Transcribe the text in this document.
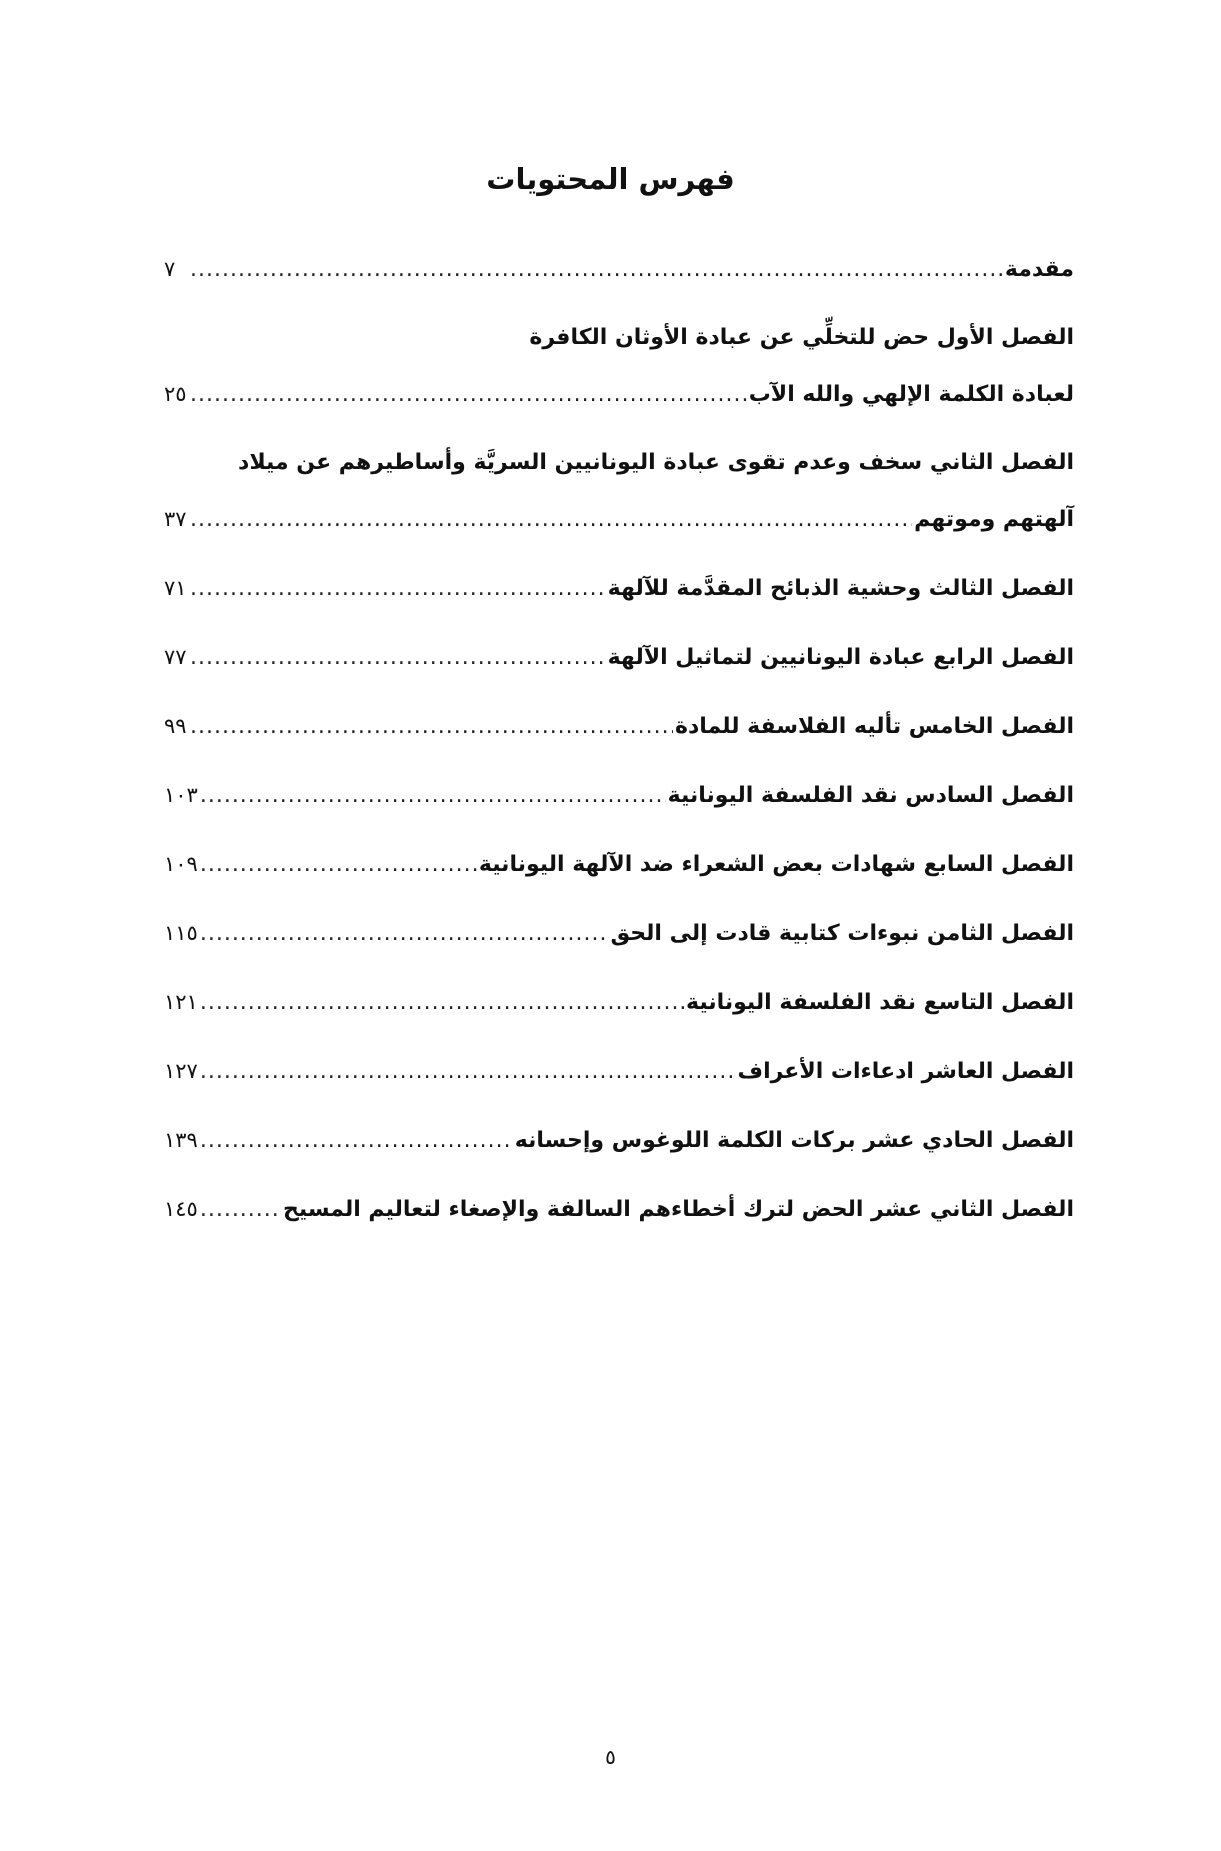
فهرس المحتويات
مقدمة
.....
٧
الفصل الأول حض للتخلِّي عن عبادة الأوثان الكافرة
لعبادة الكلمة الإلهي والله الآب
.....
٢٥
الفصل الثاني سخف وعدم تقوى عبادة اليونانيين السريَّة وأساطيرهم عن ميلاد
آلهتهم وموتهم
.....
٣٧
الفصل الثالث وحشية الذبائح المقدَّمة للآلهة
.....
٧١
الفصل الرابع عبادة اليونانيين لتماثيل الآلهة
.....
٧٧
الفصل الخامس تأليه الفلاسفة للمادة
.....
٩٩
الفصل السادس نقد الفلسفة اليونانية
.....
١٠٣
الفصل السابع شهادات بعض الشعراء ضد الآلهة اليونانية
.....
١٠٩
الفصل الثامن نبوءات كتابية قادت إلى الحق
.....
١١٥
الفصل التاسع نقد الفلسفة اليونانية
.....
١٢١
الفصل العاشر ادعاءات الأعراف
.....
١٢٧
الفصل الحادي عشر بركات الكلمة اللوغوس وإحسانه
.....
١٣٩
الفصل الثاني عشر الحض لترك أخطاءهم السالفة والإصغاء لتعاليم المسيح
.....
١٤٥
٥
